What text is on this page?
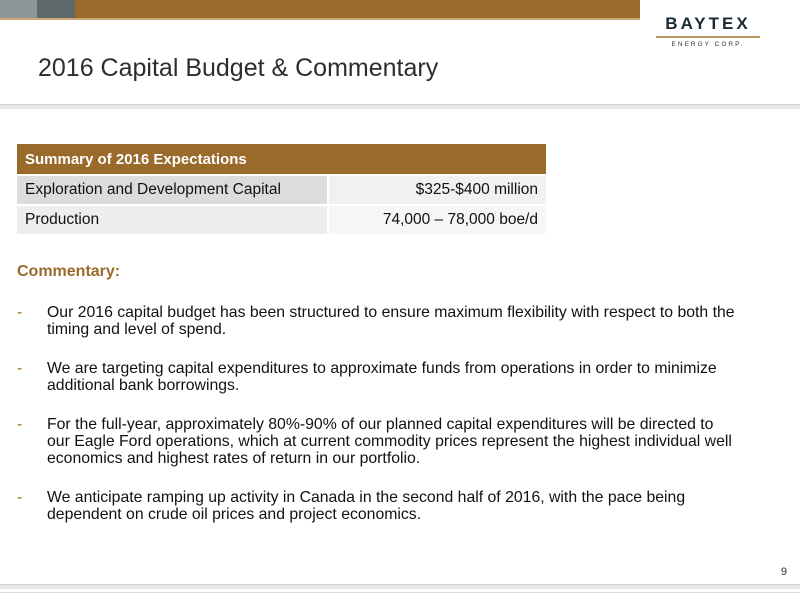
BAYTEX
ENERGY CORP.
2016 Capital Budget & Commentary
Summary of 2016 Expectations
Exploration and Development Capital	$325-$400 million
Production	74,000 – 78,000 boe/d
Commentary:
- Our 2016 capital budget has been structured to ensure maximum flexibility with respect to both the timing and level of spend.
- We are targeting capital expenditures to approximate funds from operations in order to minimize additional bank borrowings.
- For the full-year, approximately 80%-90% of our planned capital expenditures will be directed to our Eagle Ford operations, which at current commodity prices represent the highest individual well economics and highest rates of return in our portfolio.
- We anticipate ramping up activity in Canada in the second half of 2016, with the pace being dependent on crude oil prices and project economics.
9
